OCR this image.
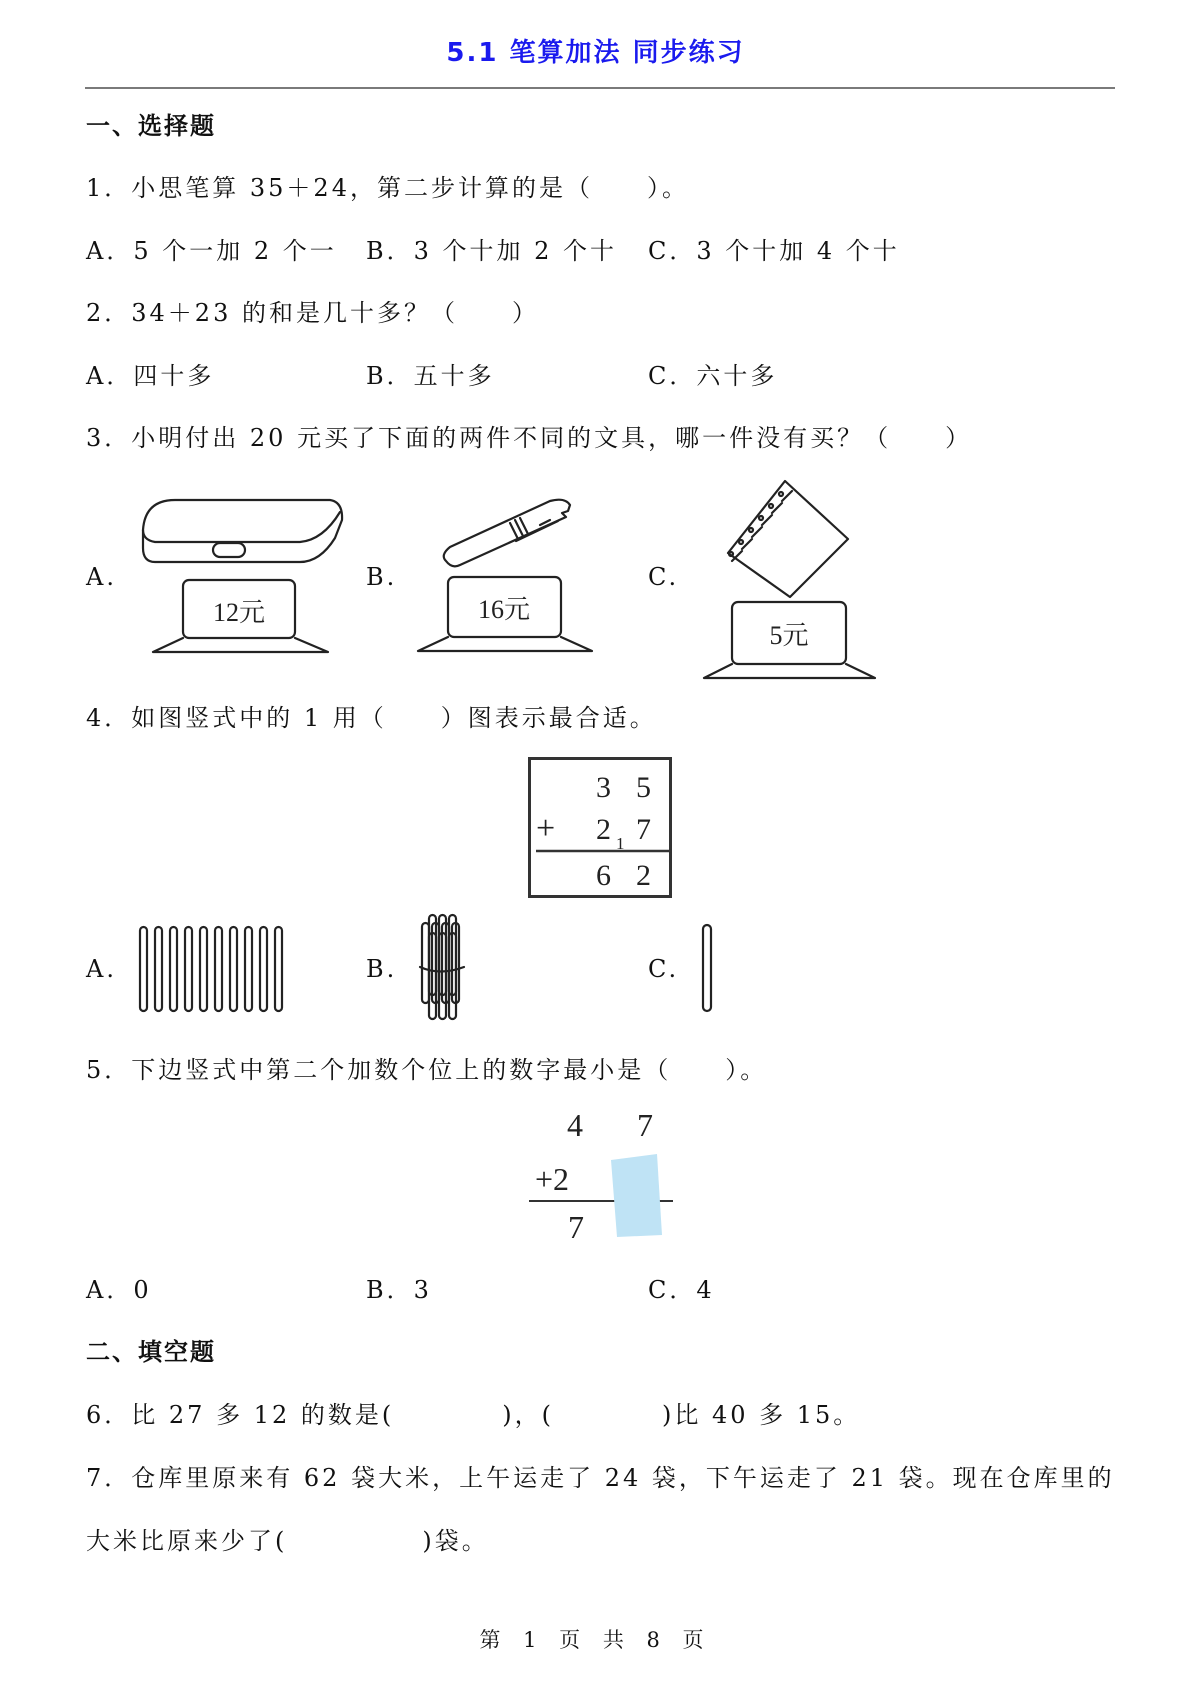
5.1 笔算加法 同步练习
一、选择题
1．小思笔算 35＋24，第二步计算的是（　　）。
A．5 个一加 2 个一 B．3 个十加 2 个十 C．3 个十加 4 个十
2．34＋23 的和是几十多？（　　）
A．四十多	B．五十多	C．六十多
3．小明付出 20 元买了下面的两件不同的文具，哪一件没有买？（　　）
A.	B.	C.
12元	16元
5元
4．如图竖式中的 1 用（　　）图表示最合适。
3 5
+ 2 1 7
6 2
A.	B.	C.
5．下边竖式中第二个加数个位上的数字最小是（　　）。
4 7
+2
7
A．0	B．3	C．4
二、填空题
6．比 27 多 12 的数是(　　　　)，(　　　　)比 40 多 15。
7．仓库里原来有 62 袋大米，上午运走了 24 袋，下午运走了 21 袋。现在仓库里的
大米比原来少了(　　　　　)袋。
第 1 页 共 8 页
